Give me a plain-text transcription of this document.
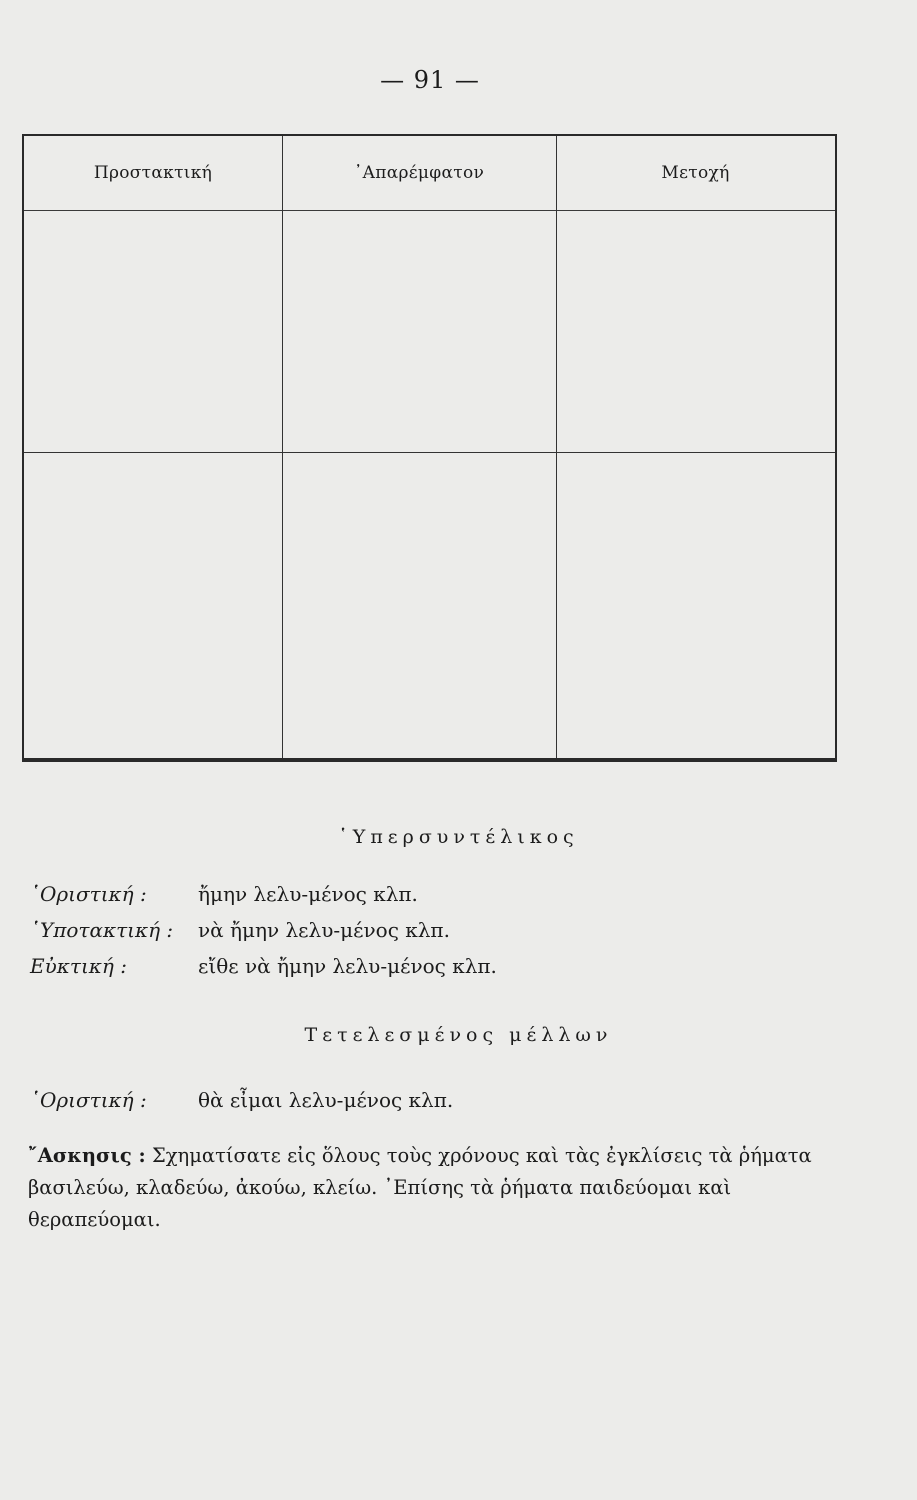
— 91 —
Προστακτική	᾿Απαρέμφατον	Μετοχή
῾Υπερσυντέλικος
῾Οριστική :	ἤμην λελυ-μένος κλπ.
῾Υποτακτική :	νὰ ἤμην λελυ-μένος κλπ.
Εὐκτική :	εἴθε νὰ ἤμην λελυ-μένος κλπ.
Τετελεσμένος μέλλων
῾Οριστική :	θὰ εἶμαι λελυ-μένος κλπ.
῎Ασκησις : Σχηματίσατε εἰς ὅλους τοὺς χρόνους καὶ τὰς ἐγκλίσεις τὰ ῥήματα βασιλεύω, κλαδεύω, ἀκούω, κλείω. ᾿Επίσης τὰ ῥήματα παιδεύομαι καὶ θεραπεύομαι.
